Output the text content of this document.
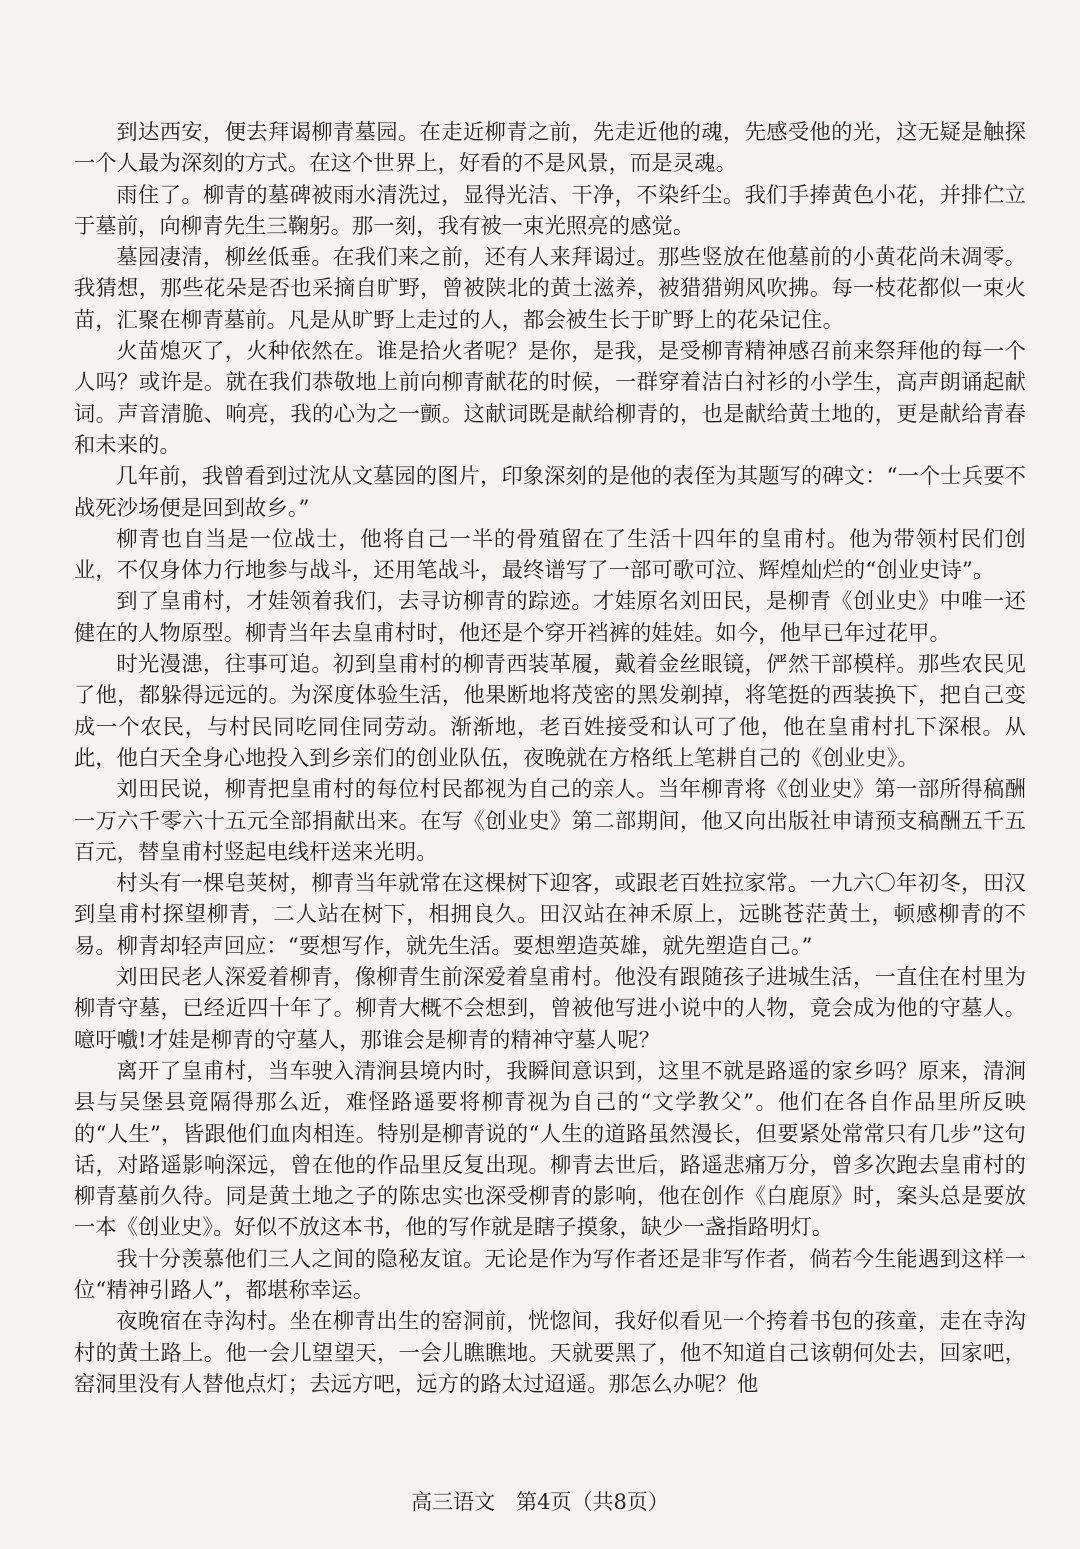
到达西安，便去拜谒柳青墓园。在走近柳青之前，先走近他的魂，先感受他的光，这无疑是触探一个人最为深刻的方式。在这个世界上，好看的不是风景，而是灵魂。

雨住了。柳青的墓碑被雨水清洗过，显得光洁、干净，不染纤尘。我们手捧黄色小花，并排伫立于墓前，向柳青先生三鞠躬。那一刻，我有被一束光照亮的感觉。

墓园凄清，柳丝低垂。在我们来之前，还有人来拜谒过。那些竖放在他墓前的小黄花尚未凋零。我猜想，那些花朵是否也采摘自旷野，曾被陕北的黄土滋养，被猎猎朔风吹拂。每一枝花都似一束火苗，汇聚在柳青墓前。凡是从旷野上走过的人，都会被生长于旷野上的花朵记住。

火苗熄灭了，火种依然在。谁是拾火者呢？是你，是我，是受柳青精神感召前来祭拜他的每一个人吗？或许是。就在我们恭敬地上前向柳青献花的时候，一群穿着洁白衬衫的小学生，高声朗诵起献词。声音清脆、响亮，我的心为之一颤。这献词既是献给柳青的，也是献给黄土地的，更是献给青春和未来的。

几年前，我曾看到过沈从文墓园的图片，印象深刻的是他的表侄为其题写的碑文：“一个士兵要不战死沙场便是回到故乡。”

柳青也自当是一位战士，他将自己一半的骨殖留在了生活十四年的皇甫村。他为带领村民们创业，不仅身体力行地参与战斗，还用笔战斗，最终谱写了一部可歌可泣、辉煌灿烂的“创业史诗”。

到了皇甫村，才娃领着我们，去寻访柳青的踪迹。才娃原名刘田民，是柳青《创业史》中唯一还健在的人物原型。柳青当年去皇甫村时，他还是个穿开裆裤的娃娃。如今，他早已年过花甲。

时光漫漶，往事可追。初到皇甫村的柳青西装革履，戴着金丝眼镜，俨然干部模样。那些农民见了他，都躲得远远的。为深度体验生活，他果断地将茂密的黑发剃掉，将笔挺的西装换下，把自己变成一个农民，与村民同吃同住同劳动。渐渐地，老百姓接受和认可了他，他在皇甫村扎下深根。从此，他白天全身心地投入到乡亲们的创业队伍，夜晚就在方格纸上笔耕自己的《创业史》。

刘田民说，柳青把皇甫村的每位村民都视为自己的亲人。当年柳青将《创业史》第一部所得稿酬一万六千零六十五元全部捐献出来。在写《创业史》第二部期间，他又向出版社申请预支稿酬五千五百元，替皇甫村竖起电线杆送来光明。

村头有一棵皂荚树，柳青当年就常在这棵树下迎客，或跟老百姓拉家常。一九六〇年初冬，田汉到皇甫村探望柳青，二人站在树下，相拥良久。田汉站在神禾原上，远眺苍茫黄土，顿感柳青的不易。柳青却轻声回应：“要想写作，就先生活。要想塑造英雄，就先塑造自己。”

刘田民老人深爱着柳青，像柳青生前深爱着皇甫村。他没有跟随孩子进城生活，一直住在村里为柳青守墓，已经近四十年了。柳青大概不会想到，曾被他写进小说中的人物，竟会成为他的守墓人。噫吁嚱!才娃是柳青的守墓人，那谁会是柳青的精神守墓人呢？

离开了皇甫村，当车驶入清涧县境内时，我瞬间意识到，这里不就是路遥的家乡吗？原来，清涧县与吴堡县竟隔得那么近，难怪路遥要将柳青视为自己的“文学教父”。他们在各自作品里所反映的“人生”，皆跟他们血肉相连。特别是柳青说的“人生的道路虽然漫长，但要紧处常常只有几步”这句话，对路遥影响深远，曾在他的作品里反复出现。柳青去世后，路遥悲痛万分，曾多次跑去皇甫村的柳青墓前久待。同是黄土地之子的陈忠实也深受柳青的影响，他在创作《白鹿原》时，案头总是要放一本《创业史》。好似不放这本书，他的写作就是瞎子摸象，缺少一盏指路明灯。

我十分羡慕他们三人之间的隐秘友谊。无论是作为写作者还是非写作者，倘若今生能遇到这样一位“精神引路人”，都堪称幸运。

夜晚宿在寺沟村。坐在柳青出生的窑洞前，恍惚间，我好似看见一个挎着书包的孩童，走在寺沟村的黄土路上。他一会儿望望天，一会儿瞧瞧地。天就要黑了，他不知道自己该朝何处去，回家吧，窑洞里没有人替他点灯；去远方吧，远方的路太过迢遥。那怎么办呢？他

高三语文　第4页（共8页）
